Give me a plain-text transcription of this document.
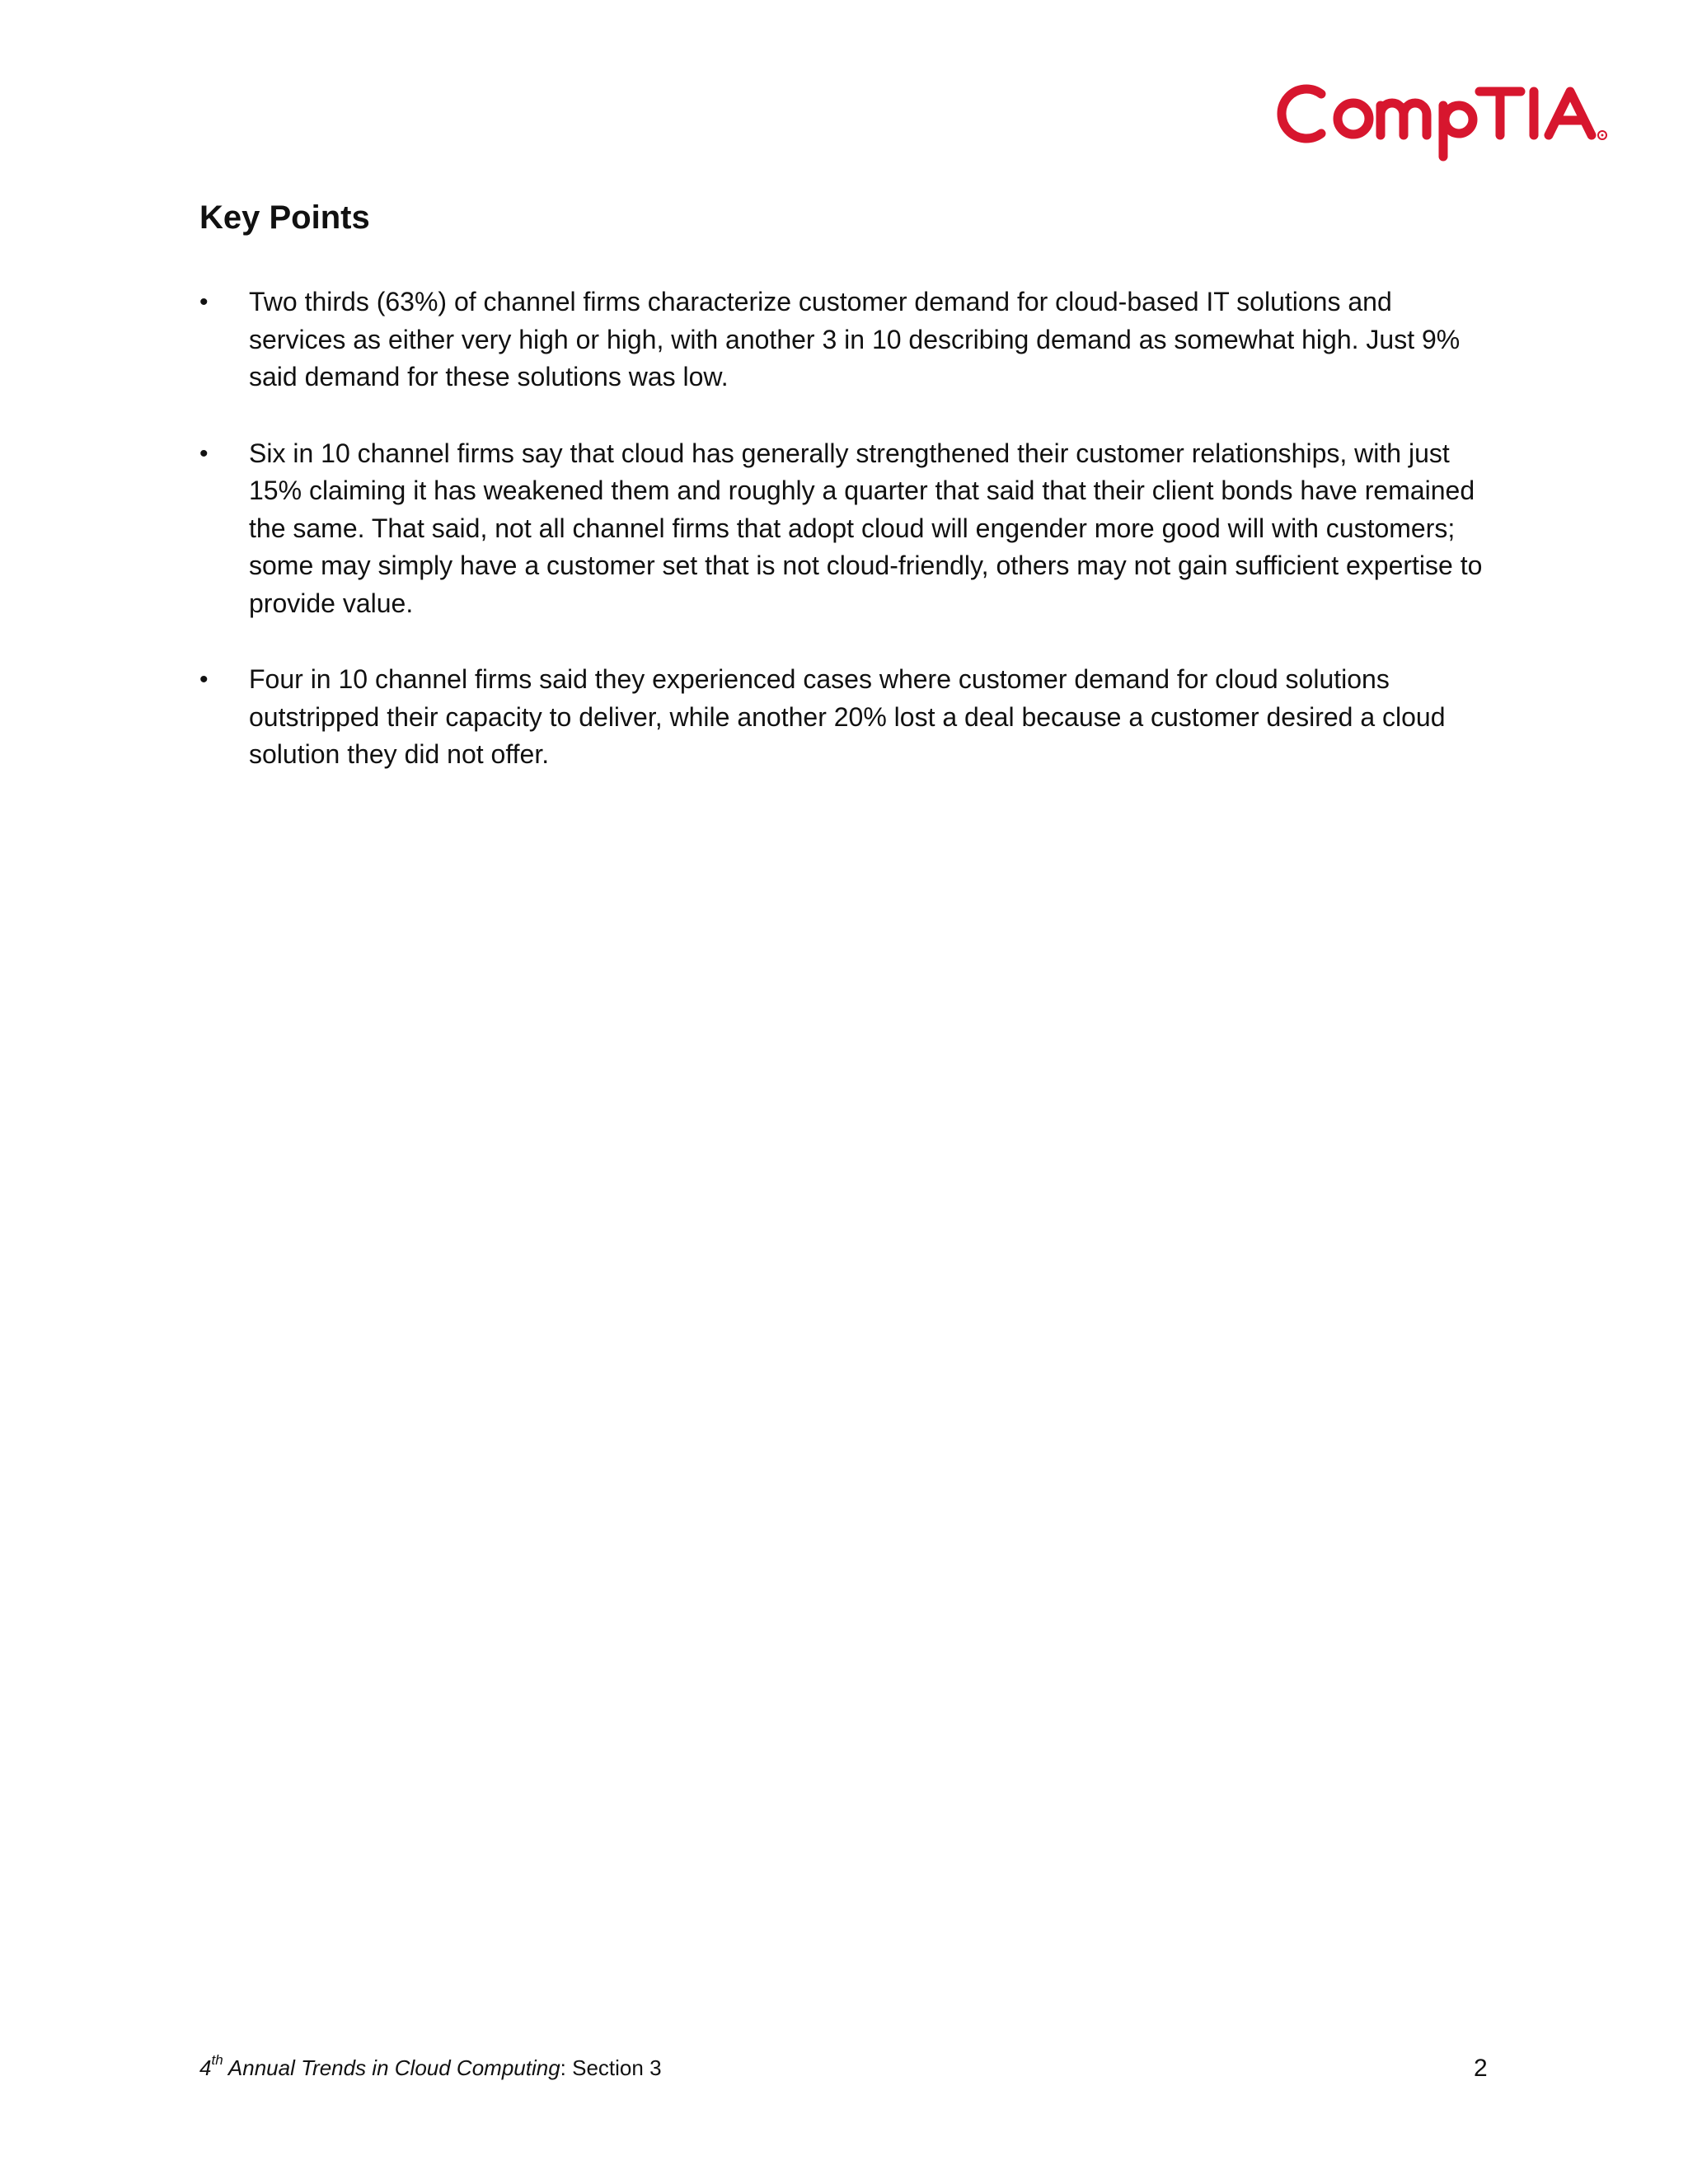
Key Points
• Two thirds (63%) of channel firms characterize customer demand for cloud-based IT solutions and services as either very high or high, with another 3 in 10 describing demand as somewhat high. Just 9% said demand for these solutions was low.
• Six in 10 channel firms say that cloud has generally strengthened their customer relationships, with just 15% claiming it has weakened them and roughly a quarter that said that their client bonds have remained the same. That said, not all channel firms that adopt cloud will engender more good will with customers; some may simply have a customer set that is not cloud-friendly, others may not gain sufficient expertise to provide value.
• Four in 10 channel firms said they experienced cases where customer demand for cloud solutions outstripped their capacity to deliver, while another 20% lost a deal because a customer desired a cloud solution they did not offer.
4th Annual Trends in Cloud Computing: Section 3	2
